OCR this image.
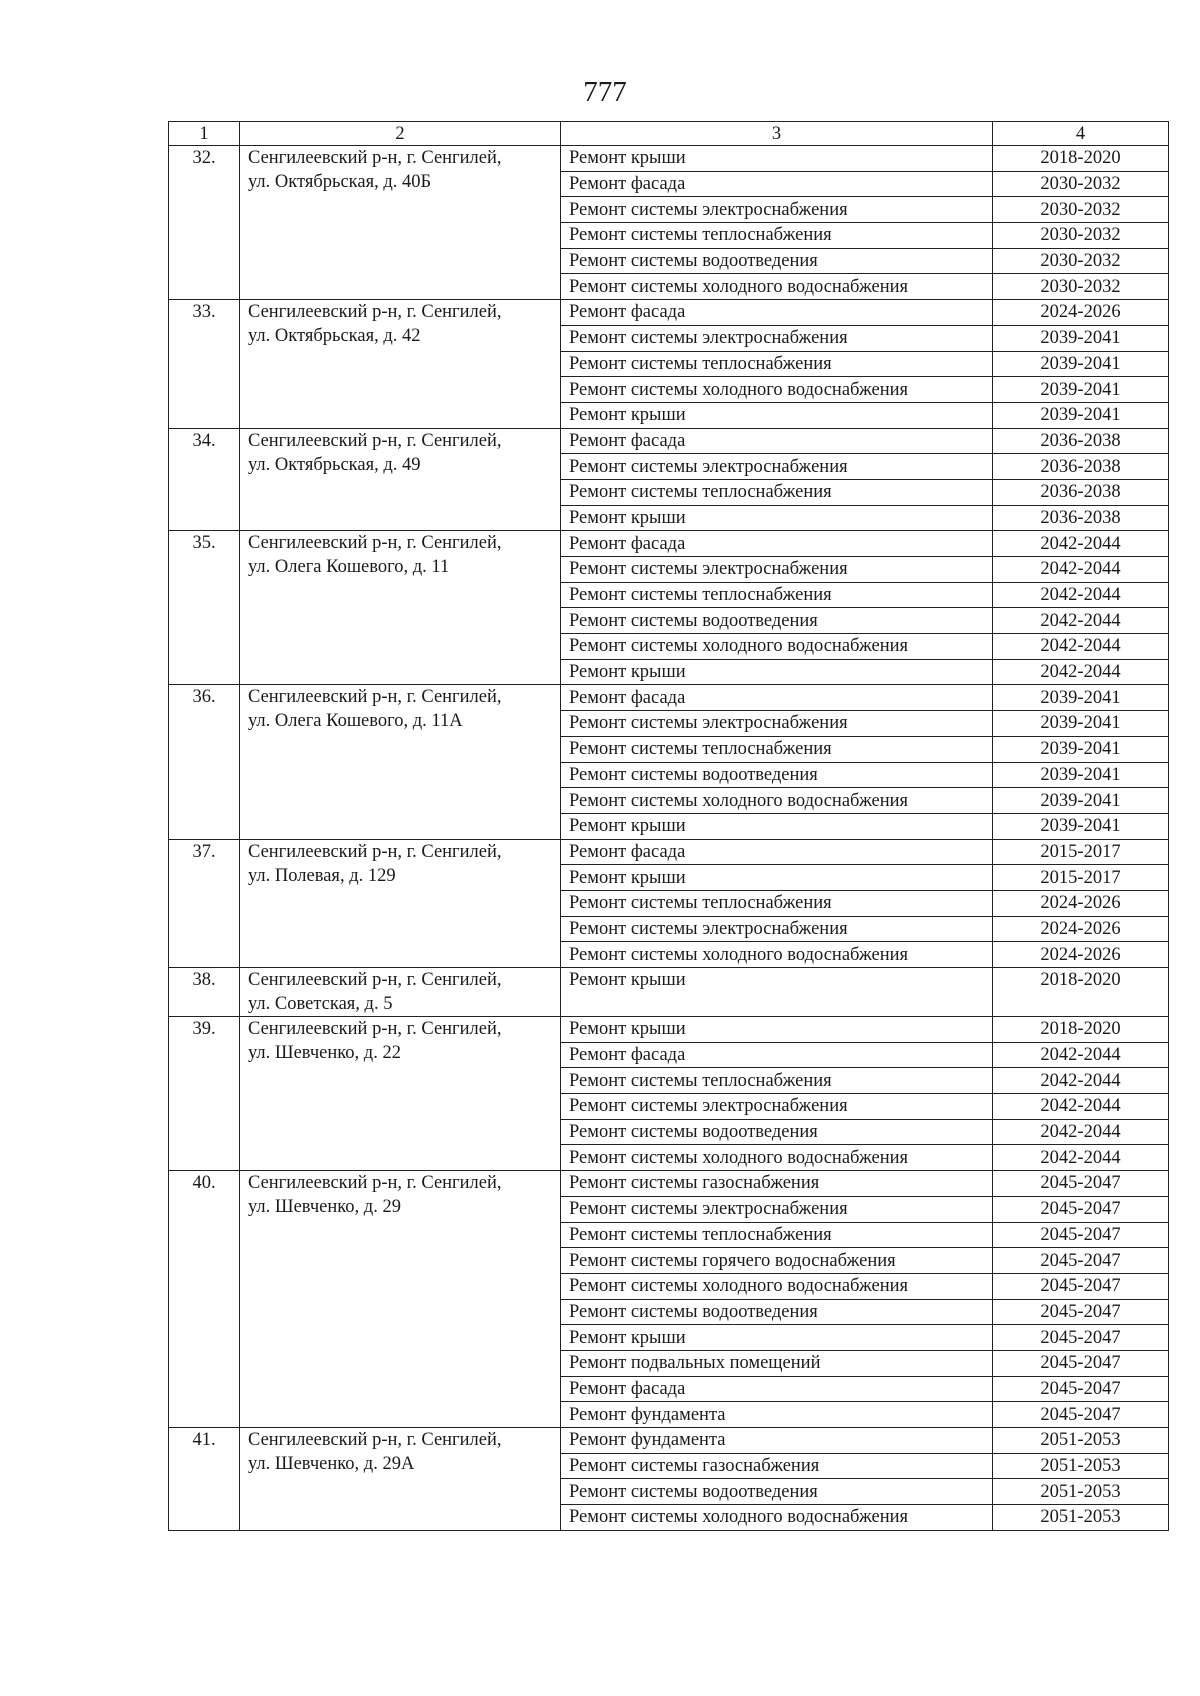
777
1	2	3	4
32.	Сенгилеевский р-н, г. Сенгилей,
ул. Октябрьская, д. 40Б	Ремонт крыши	2018-2020
		Ремонт фасада	2030-2032
		Ремонт системы электроснабжения	2030-2032
		Ремонт системы теплоснабжения	2030-2032
		Ремонт системы водоотведения	2030-2032
		Ремонт системы холодного водоснабжения	2030-2032
33.	Сенгилеевский р-н, г. Сенгилей,
ул. Октябрьская, д. 42	Ремонт фасада	2024-2026
		Ремонт системы электроснабжения	2039-2041
		Ремонт системы теплоснабжения	2039-2041
		Ремонт системы холодного водоснабжения	2039-2041
		Ремонт крыши	2039-2041
34.	Сенгилеевский р-н, г. Сенгилей,
ул. Октябрьская, д. 49	Ремонт фасада	2036-2038
		Ремонт системы электроснабжения	2036-2038
		Ремонт системы теплоснабжения	2036-2038
		Ремонт крыши	2036-2038
35.	Сенгилеевский р-н, г. Сенгилей,
ул. Олега Кошевого, д. 11	Ремонт фасада	2042-2044
		Ремонт системы электроснабжения	2042-2044
		Ремонт системы теплоснабжения	2042-2044
		Ремонт системы водоотведения	2042-2044
		Ремонт системы холодного водоснабжения	2042-2044
		Ремонт крыши	2042-2044
36.	Сенгилеевский р-н, г. Сенгилей,
ул. Олега Кошевого, д. 11А	Ремонт фасада	2039-2041
		Ремонт системы электроснабжения	2039-2041
		Ремонт системы теплоснабжения	2039-2041
		Ремонт системы водоотведения	2039-2041
		Ремонт системы холодного водоснабжения	2039-2041
		Ремонт крыши	2039-2041
37.	Сенгилеевский р-н, г. Сенгилей,
ул. Полевая, д. 129	Ремонт фасада	2015-2017
		Ремонт крыши	2015-2017
		Ремонт системы теплоснабжения	2024-2026
		Ремонт системы электроснабжения	2024-2026
		Ремонт системы холодного водоснабжения	2024-2026
38.	Сенгилеевский р-н, г. Сенгилей,
ул. Советская, д. 5	Ремонт крыши	2018-2020

39.	Сенгилеевский р-н, г. Сенгилей,
ул. Шевченко, д. 22	Ремонт крыши	2018-2020
		Ремонт фасада	2042-2044
		Ремонт системы теплоснабжения	2042-2044
		Ремонт системы электроснабжения	2042-2044
		Ремонт системы водоотведения	2042-2044
		Ремонт системы холодного водоснабжения	2042-2044
40.	Сенгилеевский р-н, г. Сенгилей,
ул. Шевченко, д. 29	Ремонт системы газоснабжения	2045-2047
		Ремонт системы электроснабжения	2045-2047
		Ремонт системы теплоснабжения	2045-2047
		Ремонт системы горячего водоснабжения	2045-2047
		Ремонт системы холодного водоснабжения	2045-2047
		Ремонт системы водоотведения	2045-2047
		Ремонт крыши	2045-2047
		Ремонт подвальных помещений	2045-2047
		Ремонт фасада	2045-2047
		Ремонт фундамента	2045-2047
41.	Сенгилеевский р-н, г. Сенгилей,
ул. Шевченко, д. 29А	Ремонт фундамента	2051-2053
		Ремонт системы газоснабжения	2051-2053
		Ремонт системы водоотведения	2051-2053
		Ремонт системы холодного водоснабжения	2051-2053
